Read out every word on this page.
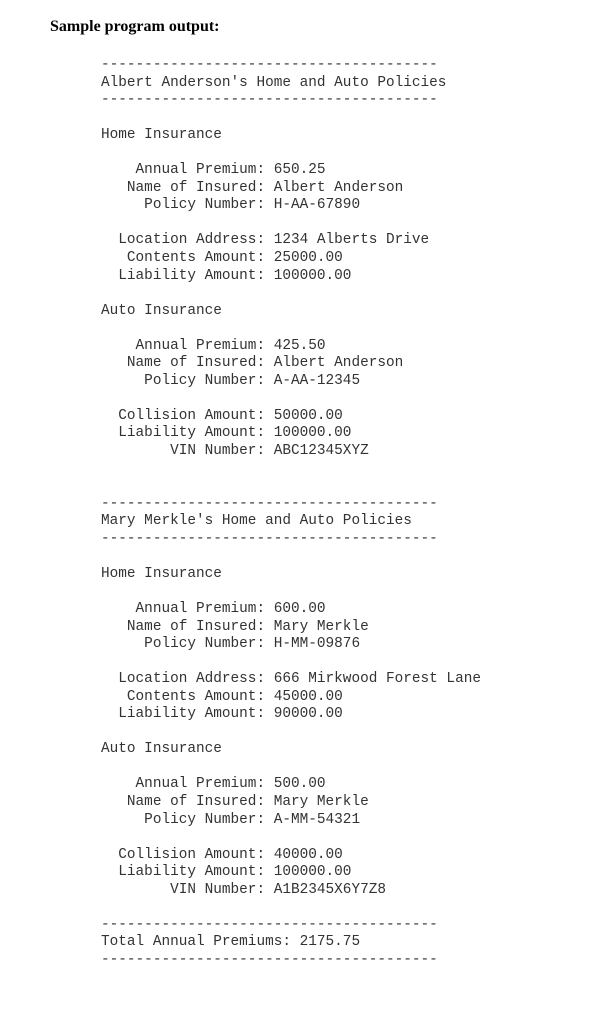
Sample program output:
---------------------------------------
Albert Anderson's Home and Auto Policies
---------------------------------------

Home Insurance

Annual Premium: 650.25
Name of Insured: Albert Anderson
Policy Number: H-AA-67890

Location Address: 1234 Alberts Drive
Contents Amount: 25000.00
Liability Amount: 100000.00

Auto Insurance

Annual Premium: 425.50
Name of Insured: Albert Anderson
Policy Number: A-AA-12345

Collision Amount: 50000.00
Liability Amount: 100000.00
VIN Number: ABC12345XYZ

---------------------------------------
Mary Merkle's Home and Auto Policies
---------------------------------------

Home Insurance

Annual Premium: 600.00
Name of Insured: Mary Merkle
Policy Number: H-MM-09876

Location Address: 666 Mirkwood Forest Lane
Contents Amount: 45000.00
Liability Amount: 90000.00

Auto Insurance

Annual Premium: 500.00
Name of Insured: Mary Merkle
Policy Number: A-MM-54321

Collision Amount: 40000.00
Liability Amount: 100000.00
VIN Number: A1B2345X6Y7Z8

---------------------------------------
Total Annual Premiums: 2175.75
---------------------------------------
